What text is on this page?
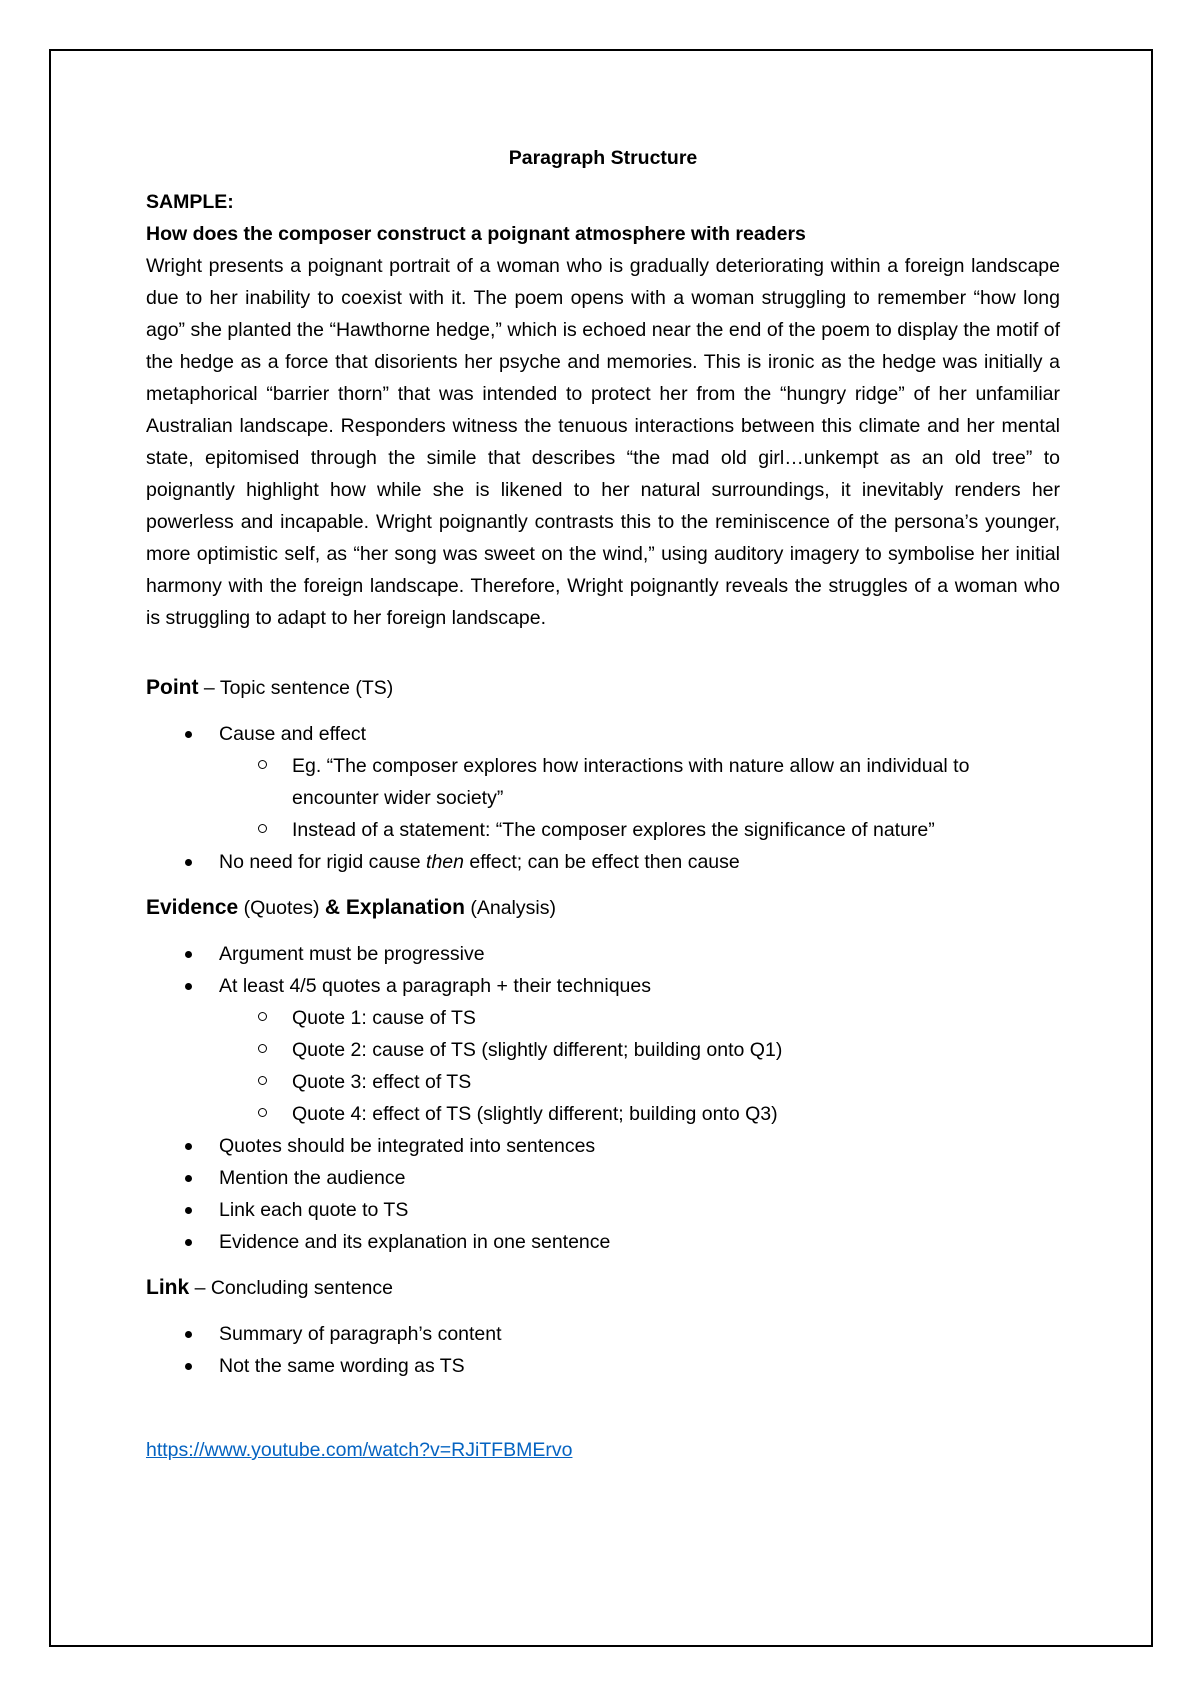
Paragraph Structure

SAMPLE:

How does the composer construct a poignant atmosphere with readers

Wright presents a poignant portrait of a woman who is gradually deteriorating within a foreign landscape due to her inability to coexist with it. The poem opens with a woman struggling to remember “how long ago” she planted the “Hawthorne hedge,” which is echoed near the end of the poem to display the motif of the hedge as a force that disorients her psyche and memories. This is ironic as the hedge was initially a metaphorical “barrier thorn” that was intended to protect her from the “hungry ridge” of her unfamiliar Australian landscape. Responders witness the tenuous interactions between this climate and her mental state, epitomised through the simile that describes “the mad old girl…unkempt as an old tree” to poignantly highlight how while she is likened to her natural surroundings, it inevitably renders her powerless and incapable. Wright poignantly contrasts this to the reminiscence of the persona’s younger, more optimistic self, as “her song was sweet on the wind,” using auditory imagery to symbolise her initial harmony with the foreign landscape. Therefore, Wright poignantly reveals the struggles of a woman who is struggling to adapt to her foreign landscape.

Point – Topic sentence (TS)

Cause and effect
Eg. “The composer explores how interactions with nature allow an individual to encounter wider society”
Instead of a statement: “The composer explores the significance of nature”
No need for rigid cause then effect; can be effect then cause

Evidence (Quotes) & Explanation (Analysis)

Argument must be progressive
At least 4/5 quotes a paragraph + their techniques
Quote 1: cause of TS
Quote 2: cause of TS (slightly different; building onto Q1)
Quote 3: effect of TS
Quote 4: effect of TS (slightly different; building onto Q3)
Quotes should be integrated into sentences
Mention the audience
Link each quote to TS
Evidence and its explanation in one sentence

Link – Concluding sentence

Summary of paragraph’s content
Not the same wording as TS

https://www.youtube.com/watch?v=RJiTFBMErvo
